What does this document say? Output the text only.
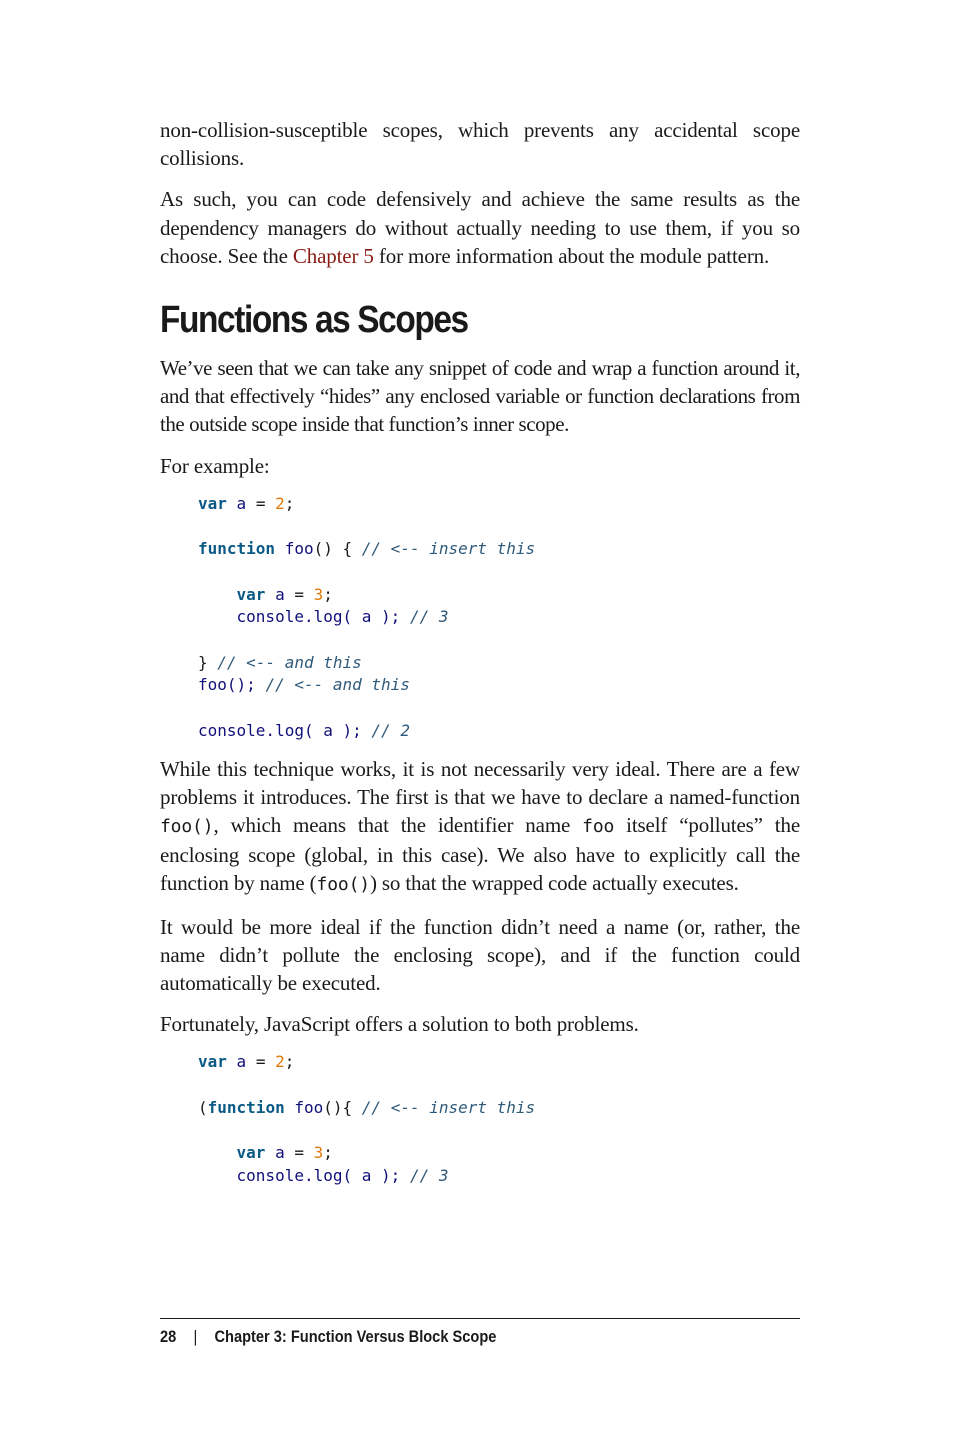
non-collision-susceptible scopes, which prevents any accidental scope collisions.

As such, you can code defensively and achieve the same results as the dependency managers do without actually needing to use them, if you so choose. See the Chapter 5 for more information about the module pattern.

Functions as Scopes

We’ve seen that we can take any snippet of code and wrap a function around it, and that effectively “hides” any enclosed variable or function declarations from the outside scope inside that function’s inner scope.

For example:

var a = 2;

function foo() { // <-- insert this

var a = 3;
console.log( a ); // 3

} // <-- and this
foo(); // <-- and this

console.log( a ); // 2

While this technique works, it is not necessarily very ideal. There are a few problems it introduces. The first is that we have to declare a named-function foo(), which means that the identifier name foo itself “pollutes” the enclosing scope (global, in this case). We also have to explicitly call the function by name (foo()) so that the wrapped code actually executes.

It would be more ideal if the function didn’t need a name (or, rather, the name didn’t pollute the enclosing scope), and if the function could automatically be executed.

Fortunately, JavaScript offers a solution to both problems.

var a = 2;

(function foo(){ // <-- insert this

var a = 3;
console.log( a ); // 3
28 | Chapter 3: Function Versus Block Scope
